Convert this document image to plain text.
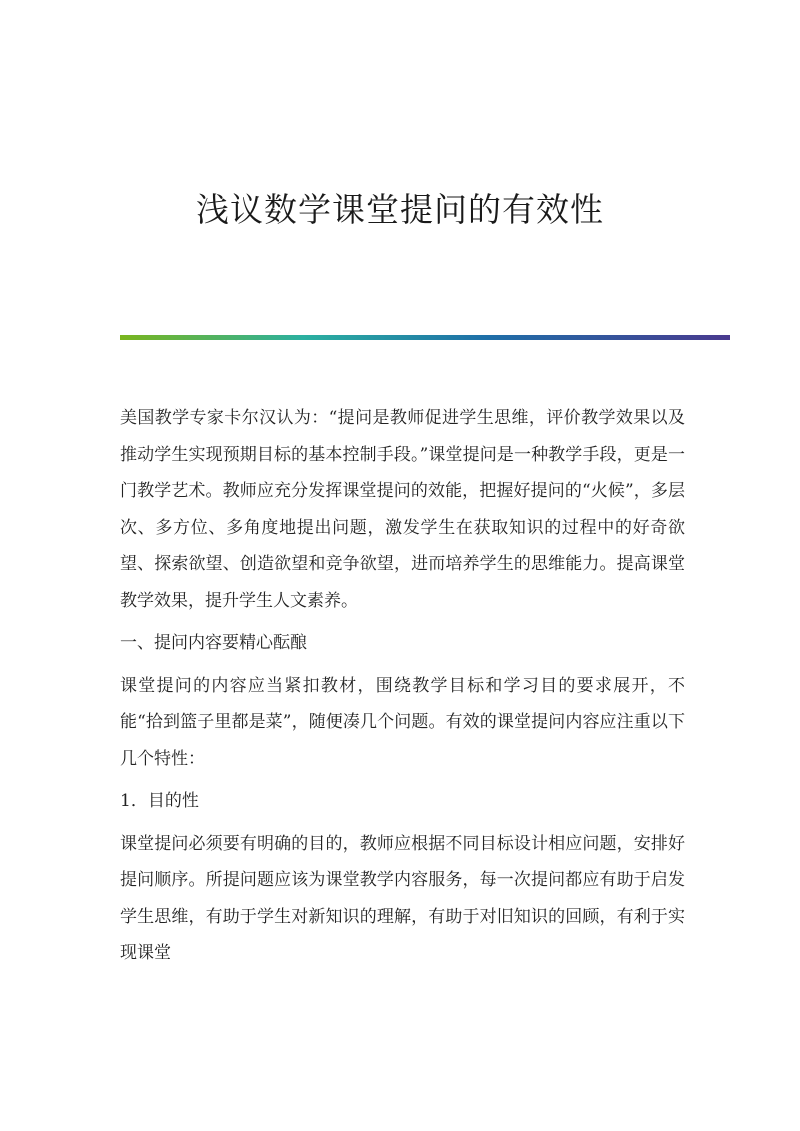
浅议数学课堂提问的有效性

美国教学专家卡尔汉认为：“提问是教师促进学生思维，评价教学效果以及推动学生实现预期目标的基本控制手段。”课堂提问是一种教学手段，更是一门教学艺术。教师应充分发挥课堂提问的效能，把握好提问的“火候”，多层次、多方位、多角度地提出问题，激发学生在获取知识的过程中的好奇欲望、探索欲望、创造欲望和竞争欲望，进而培养学生的思维能力。提高课堂教学效果，提升学生人文素养。

一、提问内容要精心酝酿

课堂提问的内容应当紧扣教材，围绕教学目标和学习目的要求展开，不能“拾到篮子里都是菜”，随便凑几个问题。有效的课堂提问内容应注重以下几个特性：

1．目的性

课堂提问必须要有明确的目的，教师应根据不同目标设计相应问题，安排好提问顺序。所提问题应该为课堂教学内容服务，每一次提问都应有助于启发学生思维，有助于学生对新知识的理解，有助于对旧知识的回顾，有利于实现课堂
